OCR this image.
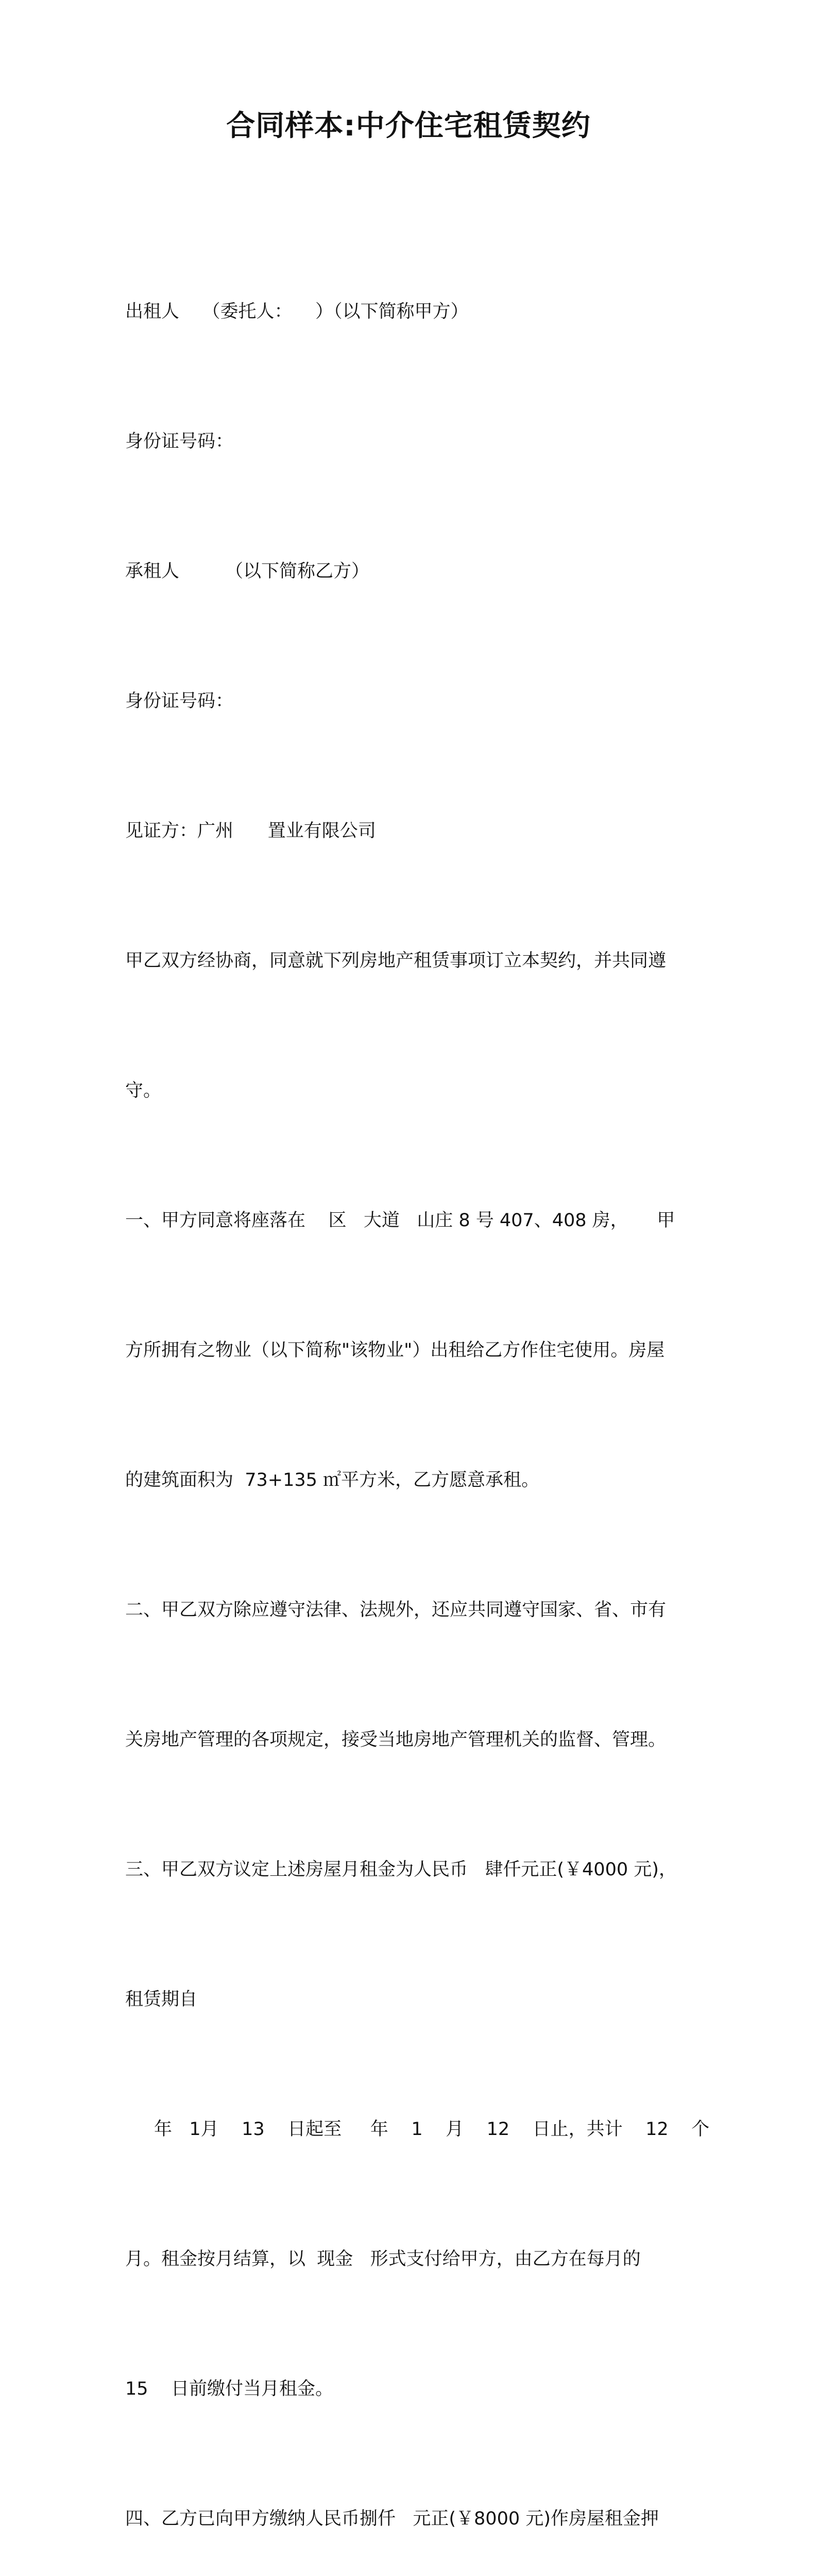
合同样本:中介住宅租赁契约

出租人    （委托人：    ）（以下简称甲方）

身份证号码：

承租人        （以下简称乙方）

身份证号码：

见证方：广州      置业有限公司

甲乙双方经协商，同意就下列房地产租赁事项订立本契约，并共同遵

守。

一、甲方同意将座落在    区   大道   山庄 8 号 407、408 房，     甲

方所拥有之物业（以下简称"该物业"）出租给乙方作住宅使用。房屋

的建筑面积为  73+135 ㎡平方米，乙方愿意承租。

二、甲乙双方除应遵守法律、法规外，还应共同遵守国家、省、市有

关房地产管理的各项规定，接受当地房地产管理机关的监督、管理。

三、甲乙双方议定上述房屋月租金为人民币   肆仟元正(￥4000 元)，

租赁期自

年   1月    13    日起至     年    1    月    12    日止，共计    12    个

月。租金按月结算，以  现金   形式支付给甲方，由乙方在每月的

15    日前缴付当月租金。

四、乙方已向甲方缴纳人民币捌仟   元正(￥8000 元)作房屋租金押
